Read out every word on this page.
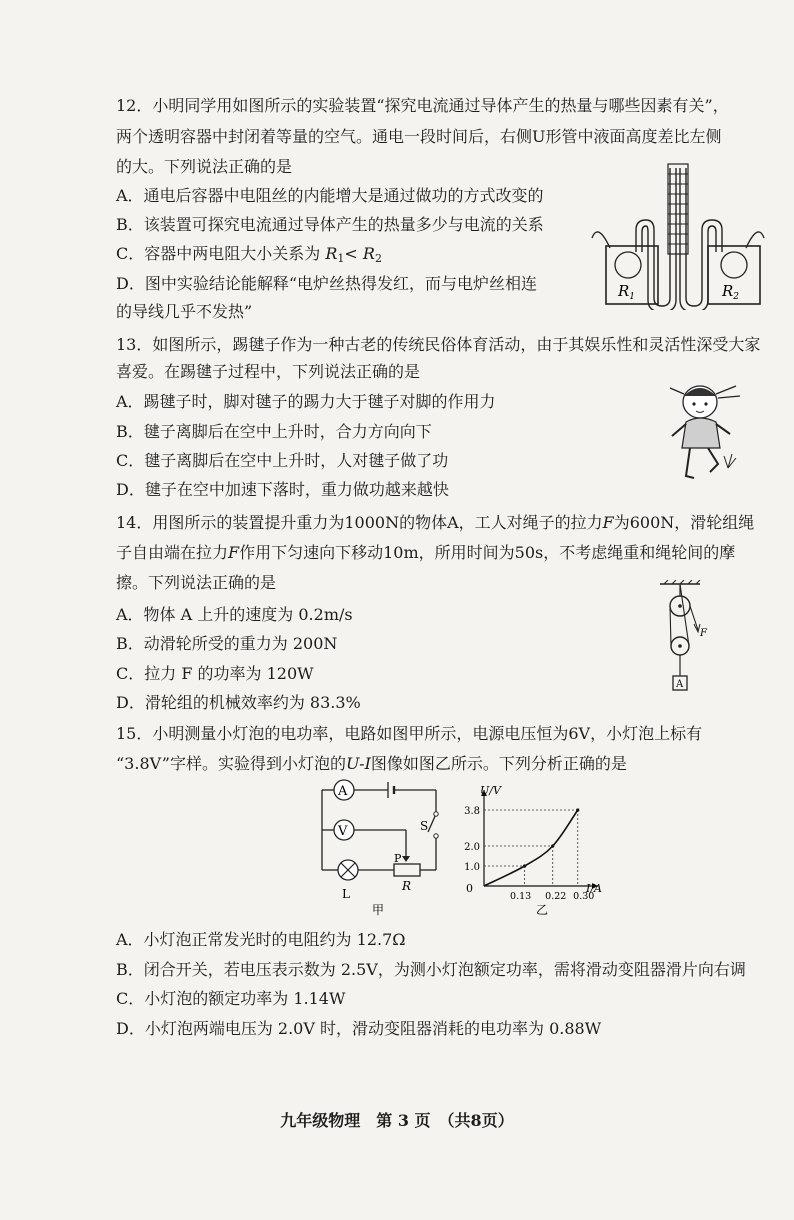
12．小明同学用如图所示的实验装置“探究电流通过导体产生的热量与哪些因素有关”，
两个透明容器中封闭着等量的空气。通电一段时间后，右侧U形管中液面高度差比左侧
的大。下列说法正确的是
A．通电后容器中电阻丝的内能增大是通过做功的方式改变的
B．该装置可探究电流通过导体产生的热量多少与电流的关系
C．容器中两电阻大小关系为 $R_1< R_2$
D．图中实验结论能解释“电炉丝热得发红，而与电炉丝相连
的导线几乎不发热”
$R_1$	$R_2$
13．如图所示，踢毽子作为一种古老的传统民俗体育活动，由于其娱乐性和灵活性深受大家
喜爱。在踢毽子过程中，下列说法正确的是
A．踢毽子时，脚对毽子的踢力大于毽子对脚的作用力
B．毽子离脚后在空中上升时，合力方向向下
C．毽子离脚后在空中上升时，人对毽子做了功
D．毽子在空中加速下落时，重力做功越来越快
14．用图所示的装置提升重力为1000N的物体A，工人对绳子的拉力F为600N，滑轮组绳
子自由端在拉力F作用下匀速向下移动10m，所用时间为50s，不考虑绳重和绳轮间的摩
擦。下列说法正确的是
A．物体 A 上升的速度为 0.2m/s
B．动滑轮所受的重力为 200N
C．拉力 F 的功率为 120W
D．滑轮组的机械效率约为 83.3%
F
A
15．小明测量小灯泡的电功率，电路如图甲所示，电源电压恒为6V，小灯泡上标有
“3.8V”字样。实验得到小灯泡的U-I图像如图乙所示。下列分析正确的是
A
V	S
P
R
L
甲
3.8
2.0
1.0
0.13 0.22 0.30
U/V
I/A
0
乙
A．小灯泡正常发光时的电阻约为 12.7Ω
B．闭合开关，若电压表示数为 2.5V，为测小灯泡额定功率，需将滑动变阻器滑片向右调
C．小灯泡的额定功率为 1.14W
D．小灯泡两端电压为 2.0V 时，滑动变阻器消耗的电功率为 0.88W
九年级物理　第 3 页　（共8页）
